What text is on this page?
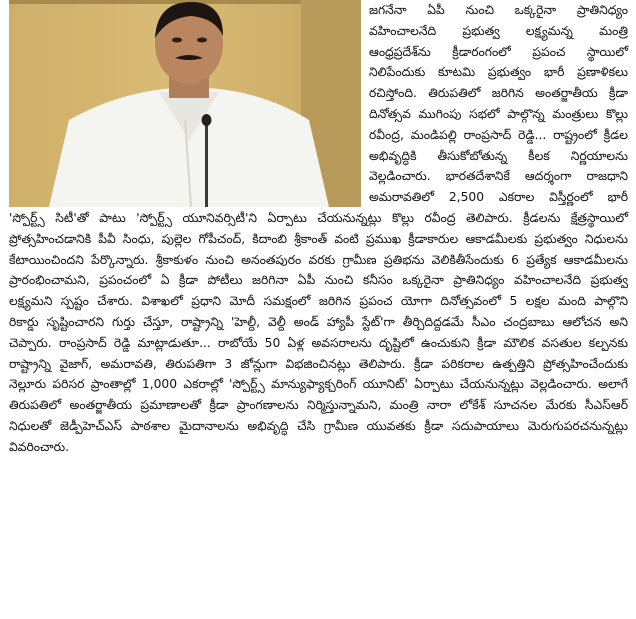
జగనేనా ఏపీ నుంచి ఒక్కరైనా ప్రాతినిధ్యం వహించాలనేది ప్రభుత్వ లక్ష్యమన్న మంత్రి ఆంధ్రప్రదేశ్‌ను క్రీడారంగంలో ప్రపంచ స్థాయిలో నిలిపేందుకు కూటమి ప్రభుత్వం భారీ ప్రణాళికలు రచిస్తోంది. తిరుపతిలో జరిగిన అంతర్జాతీయ క్రీడా దినోత్సవ ముగింపు సభలో పాల్గొన్న మంత్రులు కొల్లు రవీంద్ర, మండిపల్లి రాంప్రసాద్ రెడ్డి... రాష్ట్రంలో క్రీడల అభివృద్ధికి తీసుకోబోతున్న కీలక నిర్ణయాలను వెల్లడించారు. భారతదేశానికే ఆదర్శంగా రాజధాని అమరావతిలో 2,500 ఎకరాల విస్తీర్ణంలో భారీ 'స్పోర్ట్స్ సిటీ'తో పాటు 'స్పోర్ట్స్ యూనివర్సిటీ'ని ఏర్పాటు చేయనున్నట్లు కొల్లు రవీంద్ర తెలిపారు. క్రీడలను క్షేత్రస్థాయిలో ప్రోత్సహించడానికి పీవీ సింధు, పుల్లెల గోపీచంద్, కిదాంబి శ్రీకాంత్ వంటి ప్రముఖ క్రీడాకారుల ఆకాడమీలకు ప్రభుత్వం నిధులను కేటాయించిందని పేర్కొన్నారు. శ్రీకాకుళం నుంచి అనంతపురం వరకు గ్రామీణ ప్రతిభను వెలికితీసేందుకు 6 ప్రత్యేక ఆకాడమీలను ప్రారంభించామని, ప్రపంచంలో ఏ క్రీడా పోటీలు జరిగినా ఏపీ నుంచి కనీసం ఒక్కరైనా ప్రాతినిధ్యం వహించాలనేది ప్రభుత్వ లక్ష్యమని స్పష్టం చేశారు. విశాఖలో ప్రధాని మోదీ సమక్షంలో జరిగిన ప్రపంచ యోగా దినోత్సవంలో 5 లక్షల మంది పాల్గొని రికార్డు సృష్టించారని గుర్తు చేస్తూ, రాష్ట్రాన్ని 'హెల్దీ, వెల్దీ అండ్ హ్యాపీ స్టేట్'గా తీర్చిదిద్దడమే సీఎం చంద్రబాబు ఆలోచన అని చెప్పారు. రాంప్రసాద్ రెడ్డి మాట్లాడుతూ... రాబోయే 50 ఏళ్ల అవసరాలను దృష్టిలో ఉంచుకుని క్రీడా మౌలిక వసతుల కల్పనకు రాష్ట్రాన్ని వైజాగ్, అమరావతి, తిరుపతిగా 3 జోన్లుగా విభజించినట్లు తెలిపారు. క్రీడా పరికరాల ఉత్పత్తిని ప్రోత్సహించేందుకు నెల్లూరు పరిసర ప్రాంతాల్లో 1,000 ఎకరాల్లో 'స్పోర్ట్స్ మాన్యుఫ్యాక్చరింగ్ యూనిట్' ఏర్పాటు చేయనున్నట్లు వెల్లడించారు. అలాగే తిరుపతిలో అంతర్జాతీయ ప్రమాణాలతో క్రీడా ప్రాంగణాలను నిర్మిస్తున్నామని, మంత్రి నారా లోకేశ్ సూచనల మేరకు సీఎస్ఆర్ నిధులతో జెడ్పీహెచ్ఎస్ పాఠశాల మైదానాలను అభివృద్ధి చేసి గ్రామీణ యువతకు క్రీడా సదుపాయాలు మెరుగుపరచనున్నట్లు వివరించారు.
